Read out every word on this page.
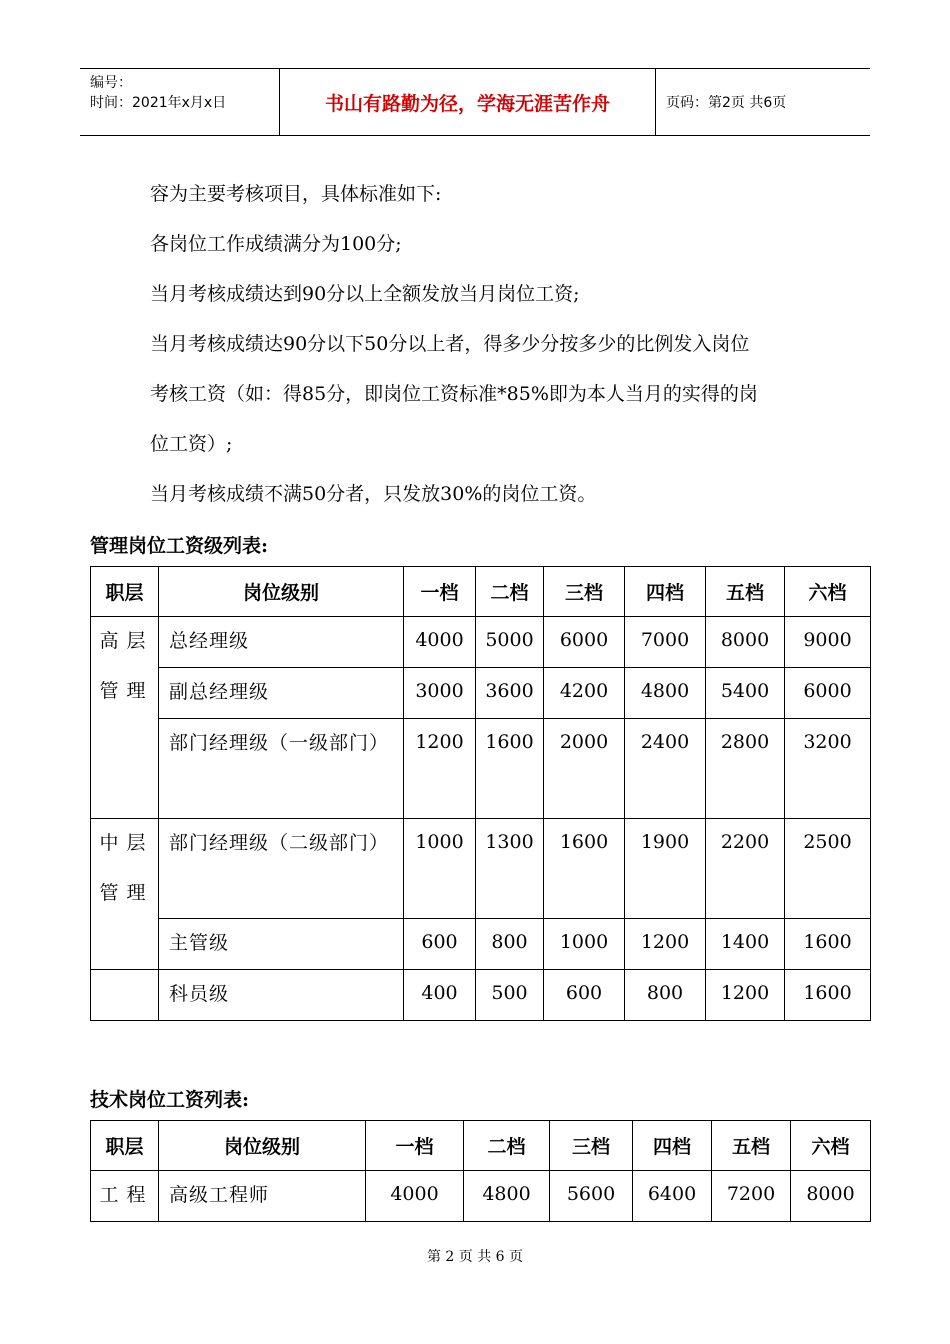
编号：
时间：2021年x月x日	书山有路勤为径，学海无涯苦作舟	页码：第2页 共6页
容为主要考核项目，具体标准如下:
各岗位工作成绩满分为100分;
当月考核成绩达到90分以上全额发放当月岗位工资;
当月考核成绩达90分以下50分以上者，得多少分按多少的比例发入岗位
考核工资（如：得85分，即岗位工资标准*85%即为本人当月的实得的岗
位工资）;
当月考核成绩不满50分者，只发放30%的岗位工资。
管理岗位工资级列表:
职层	岗位级别	一档	二档	三档	四档	五档	六档

高层管理	总经理级	4000	5000	6000	7000	8000	9000

	副总经理级	3000	3600	4200	4800	5400	6000

	部门经理级（一级部门）	1200	1600	2000	2400	2800	3200

中层管理	部门经理级（二级部门）	1000	1300	1600	1900	2200	2500

	主管级	600	800	1000	1200	1400	1600

	科员级	400	500	600	800	1200	1600
技术岗位工资列表:
职层	岗位级别	一档	二档	三档	四档	五档	六档

工程	高级工程师	4000	4800	5600	6400	7200	8000
第 2 页 共 6 页
